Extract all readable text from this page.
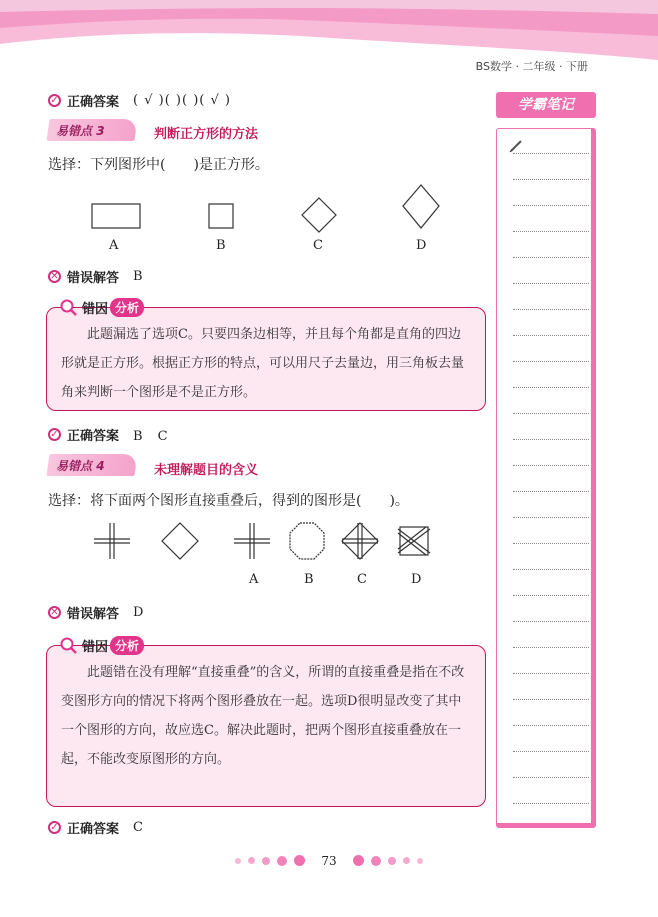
BS数学 · 二年级 · 下册
✓ 正确答案 ( √ )( )( )( √ )
易错点 3	判断正方形的方法
选择：下列图形中(　　)是正方形。
A	B	C	D
✕ 错误解答 B
此题漏选了选项C。只要四条边相等，并且每个角都是直角的四边形就是正方形。根据正方形的特点，可以用尺子去量边，用三角板去量角来判断一个图形是不是正方形。
错因 分析
✓ 正确答案 B　C
易错点 4	未理解题目的含义
选择：将下面两个图形直接重叠后，得到的图形是(　　)。
A	B	C	D
✕ 错误解答 D
此题错在没有理解“直接重叠”的含义，所谓的直接重叠是指在不改变图形方向的情况下将两个图形叠放在一起。选项D很明显改变了其中一个图形的方向，故应选C。解决此题时，把两个图形直接重叠放在一起，不能改变原图形的方向。
错因 分析
✓ 正确答案 C
学霸笔记
73
